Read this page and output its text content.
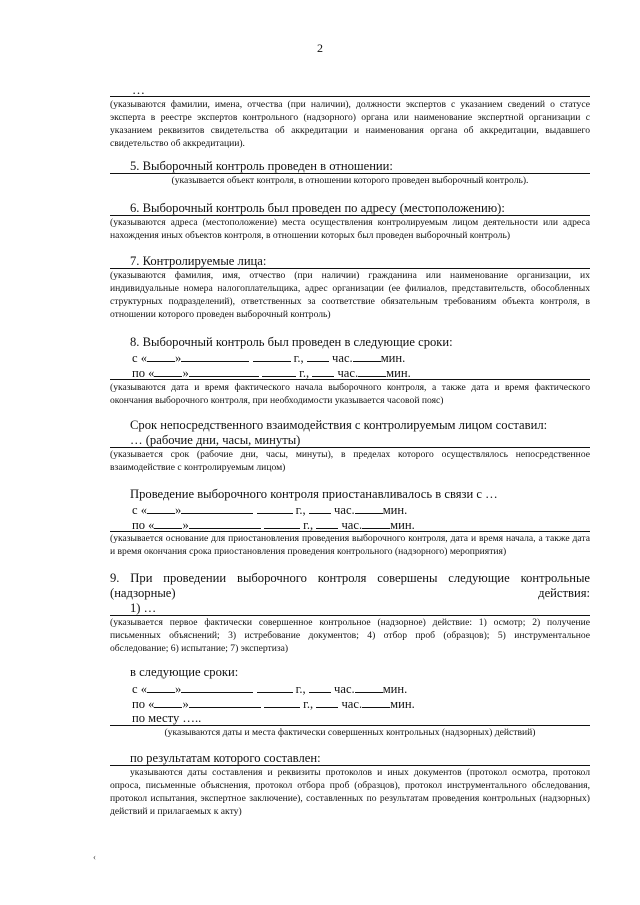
2
…
(указываются фамилии, имена, отчества (при наличии), должности экспертов с указанием сведений о статусе эксперта в реестре экспертов контрольного (надзорного) органа или наименование экспертной организации с указанием реквизитов свидетельства об аккредитации и наименования органа об аккредитации, выдавшего свидетельство об аккредитации).
5. Выборочный контроль проведен в отношении:
(указывается объект контроля, в отношении которого проведен выборочный контроль).
6. Выборочный контроль был проведен по адресу (местоположению):
(указываются адреса (местоположение) места осуществления контролируемым лицом деятельности или адреса нахождения иных объектов контроля, в отношении которых был проведен выборочный контроль)
7. Контролируемые лица:
(указываются фамилия, имя, отчество (при наличии) гражданина или наименование организации, их индивидуальные номера налогоплательщика, адрес организации (ее филиалов, представительств, обособленных структурных подразделений), ответственных за соответствие обязательным требованиям объекта контроля, в отношении которого проведен выборочный контроль)
8. Выборочный контроль был проведен в следующие сроки:
с « »	г., час. мин.
по « »	г., час. мин.
(указываются дата и время фактического начала выборочного контроля, а также дата и время фактического окончания выборочного контроля, при необходимости указывается часовой пояс)
Срок непосредственного взаимодействия с контролируемым лицом составил:
… (рабочие дни, часы, минуты)
(указывается срок (рабочие дни, часы, минуты), в пределах которого осуществлялось непосредственное взаимодействие с контролируемым лицом)
Проведение выборочного контроля приостанавливалось в связи с …
с « »	г., час. мин.
по « »	г., час. мин.
(указывается основание для приостановления проведения выборочного контроля, дата и время начала, а также дата и время окончания срока приостановления проведения контрольного (надзорного) мероприятия)
9. При проведении выборочного контроля совершены следующие контрольные (надзорные) действия:
1) …
(указывается первое фактически совершенное контрольное (надзорное) действие: 1) осмотр; 2) получение письменных объяснений; 3) истребование документов; 4) отбор проб (образцов); 5) инструментальное обследование; 6) испытание; 7) экспертиза)
в следующие сроки:
с « »	г., час. мин.
по « »	г., час. мин.
по месту …..
(указываются даты и места фактически совершенных контрольных (надзорных) действий)
по результатам которого составлен:
указываются даты составления и реквизиты протоколов и иных документов (протокол осмотра, протокол опроса, письменные объяснения, протокол отбора проб (образцов), протокол инструментального обследования, протокол испытания, экспертное заключение), составленных по результатам проведения контрольных (надзорных) действий и прилагаемых к акту)
‹
